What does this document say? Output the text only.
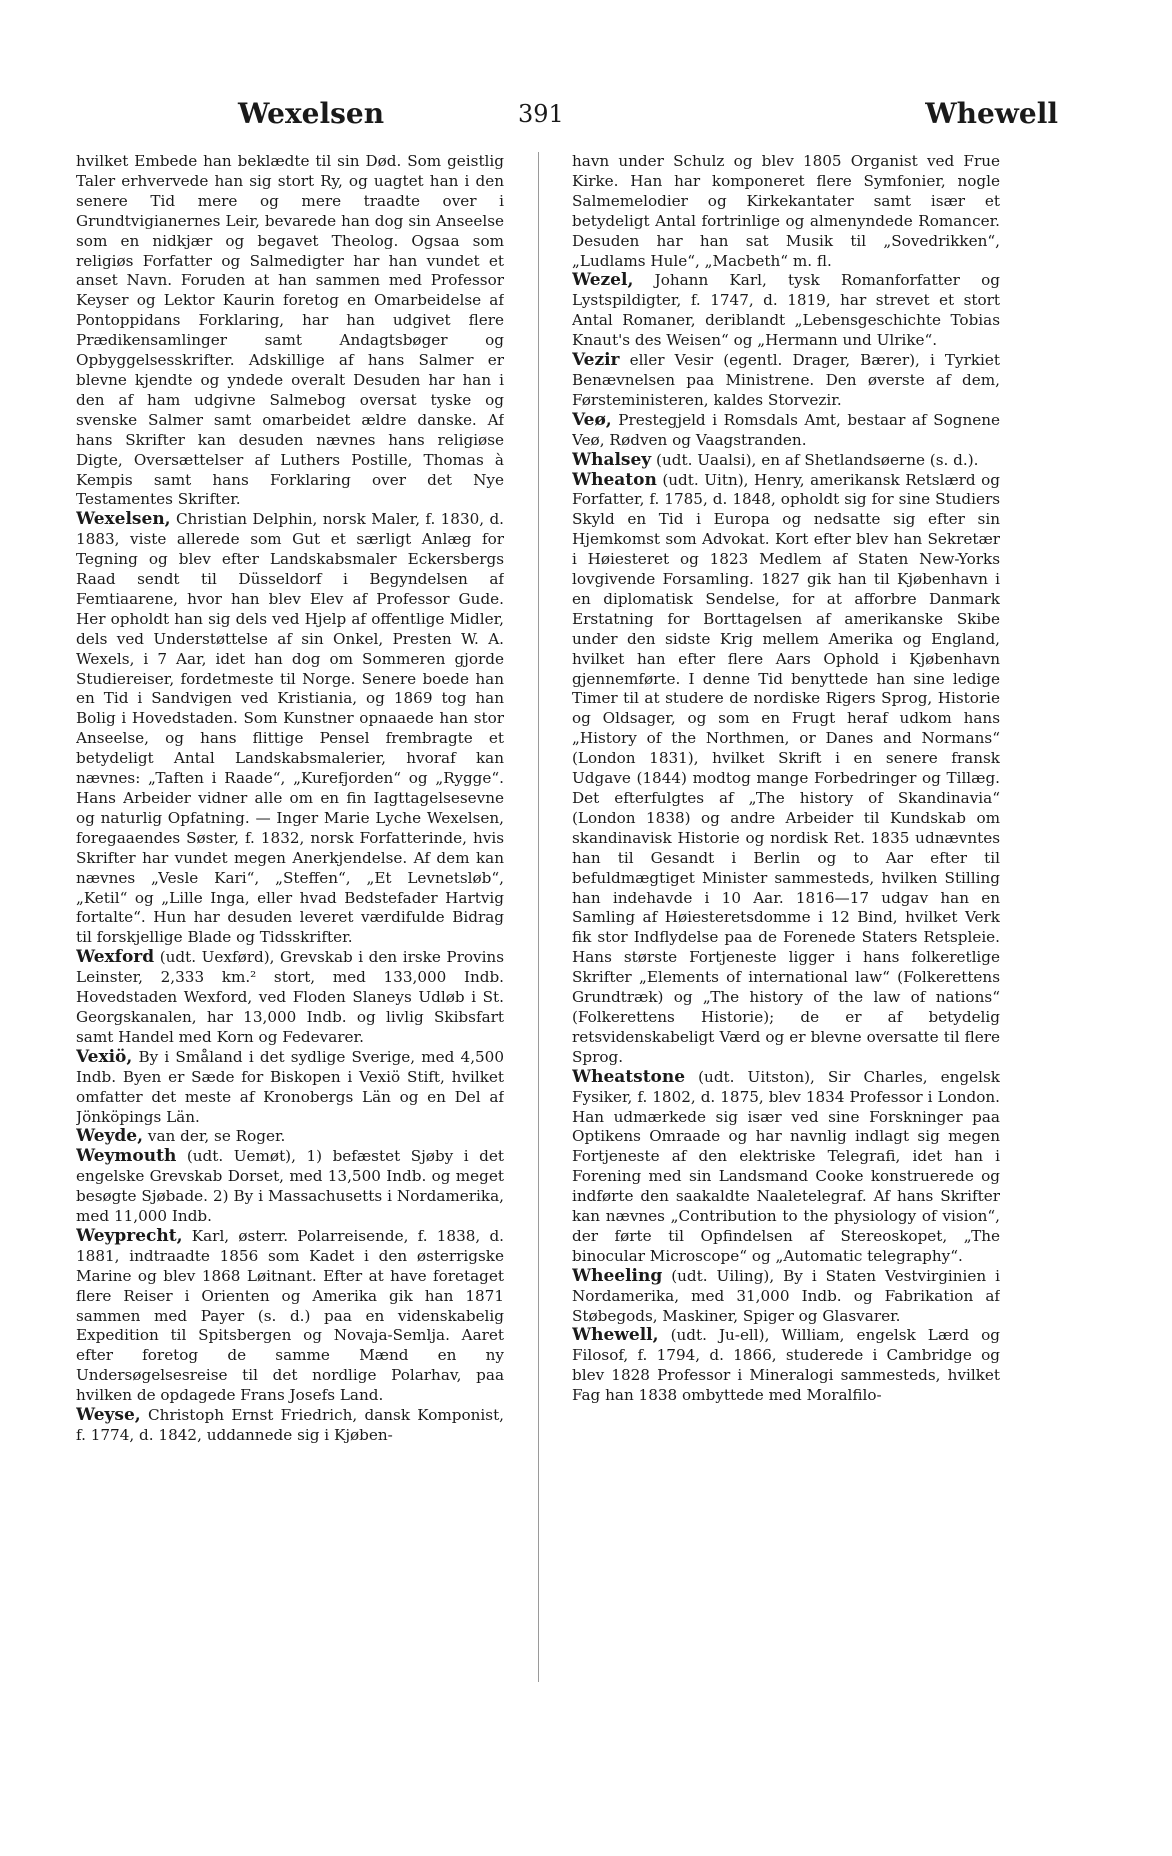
Wexelsen	391	Whewell

hvilket Embede han beklædte til sin Død. Som geistlig Taler erhvervede han sig stort Ry, og uagtet han i den senere Tid mere og mere traadte over i Grundtvigianernes Leir, bevarede han dog sin Anseelse som en nidkjær og begavet Theolog. Ogsaa som religiøs Forfatter og Salmedigter har han vundet et anset Navn. Foruden at han sammen med Professor Keyser og Lektor Kaurin foretog en Omarbeidelse af Pontoppidans Forklaring, har han udgivet flere Prædikensamlinger samt Andagtsbøger og Opbyggelsesskrifter. Adskillige af hans Salmer er blevne kjendte og yndede overalt Desuden har han i den af ham udgivne Salmebog oversat tyske og svenske Salmer samt omarbeidet ældre danske. Af hans Skrifter kan desuden nævnes hans religiøse Digte, Oversættelser af Luthers Postille, Thomas à Kempis samt hans Forklaring over det Nye Testamentes Skrifter.

Wexelsen, Christian Delphin, norsk Maler, f. 1830, d. 1883, viste allerede som Gut et særligt Anlæg for Tegning og blev efter Landskabsmaler Eckersbergs Raad sendt til Düsseldorf i Begyndelsen af Femtiaarene, hvor han blev Elev af Professor Gude. Her opholdt han sig dels ved Hjelp af offentlige Midler, dels ved Understøttelse af sin Onkel, Presten W. A. Wexels, i 7 Aar, idet han dog om Sommeren gjorde Studiereiser, fordetmeste til Norge. Senere boede han en Tid i Sandvigen ved Kristiania, og 1869 tog han Bolig i Hovedstaden. Som Kunstner opnaaede han stor Anseelse, og hans flittige Pensel frembragte et betydeligt Antal Landskabsmalerier, hvoraf kan nævnes: „Taften i Raade“, „Kurefjorden“ og „Rygge“. Hans Arbeider vidner alle om en fin Iagttagelsesevne og naturlig Opfatning. — Inger Marie Lyche Wexelsen, foregaaendes Søster, f. 1832, norsk Forfatterinde, hvis Skrifter har vundet megen Anerkjendelse. Af dem kan nævnes „Vesle Kari“, „Steffen“, „Et Levnetsløb“, „Ketil“ og „Lille Inga, eller hvad Bedstefader Hartvig fortalte“. Hun har desuden leveret værdifulde Bidrag til forskjellige Blade og Tidsskrifter.

Wexford (udt. Uexførd), Grevskab i den irske Provins Leinster, 2,333 km.² stort, med 133,000 Indb. Hovedstaden Wexford, ved Floden Slaneys Udløb i St. Georgskanalen, har 13,000 Indb. og livlig Skibsfart samt Handel med Korn og Fedevarer.

Vexiö, By i Småland i det sydlige Sverige, med 4,500 Indb. Byen er Sæde for Biskopen i Vexiö Stift, hvilket omfatter det meste af Kronobergs Län og en Del af Jönköpings Län.

Weyde, van der, se Roger.

Weymouth (udt. Uemøt), 1) befæstet Sjøby i det engelske Grevskab Dorset, med 13,500 Indb. og meget besøgte Sjøbade. 2) By i Massachusetts i Nordamerika, med 11,000 Indb.

Weyprecht, Karl, østerr. Polarreisende, f. 1838, d. 1881, indtraadte 1856 som Kadet i den østerrigske Marine og blev 1868 Løitnant. Efter at have foretaget flere Reiser i Orienten og Amerika gik han 1871 sammen med Payer (s. d.) paa en videnskabelig Expedition til Spitsbergen og Novaja-Semlja. Aaret efter foretog de samme Mænd en ny Undersøgelsesreise til det nordlige Polarhav, paa hvilken de opdagede Frans Josefs Land.

Weyse, Christoph Ernst Friedrich, dansk Komponist, f. 1774, d. 1842, uddannede sig i Kjøben-

havn under Schulz og blev 1805 Organist ved Frue Kirke. Han har komponeret flere Symfonier, nogle Salmemelodier og Kirkekantater samt især et betydeligt Antal fortrinlige og almenyndede Romancer. Desuden har han sat Musik til „Sovedrikken“, „Ludlams Hule“, „Macbeth“ m. fl.

Wezel, Johann Karl, tysk Romanforfatter og Lystspildigter, f. 1747, d. 1819, har strevet et stort Antal Romaner, deriblandt „Lebensgeschichte Tobias Knaut's des Weisen“ og „Hermann und Ulrike“.

Vezir eller Vesir (egentl. Drager, Bærer), i Tyrkiet Benævnelsen paa Ministrene. Den øverste af dem, Førsteministeren, kaldes Storvezir.

Veø, Prestegjeld i Romsdals Amt, bestaar af Sognene Veø, Rødven og Vaagstranden.

Whalsey (udt. Uaalsi), en af Shetlandsøerne (s. d.).

Wheaton (udt. Uitn), Henry, amerikansk Retslærd og Forfatter, f. 1785, d. 1848, opholdt sig for sine Studiers Skyld en Tid i Europa og nedsatte sig efter sin Hjemkomst som Advokat. Kort efter blev han Sekretær i Høiesteret og 1823 Medlem af Staten New-Yorks lovgivende Forsamling. 1827 gik han til Kjøbenhavn i en diplomatisk Sendelse, for at afforbre Danmark Erstatning for Borttagelsen af amerikanske Skibe under den sidste Krig mellem Amerika og England, hvilket han efter flere Aars Ophold i Kjøbenhavn gjennemførte. I denne Tid benyttede han sine ledige Timer til at studere de nordiske Rigers Sprog, Historie og Oldsager, og som en Frugt heraf udkom hans „History of the Northmen, or Danes and Normans“ (London 1831), hvilket Skrift i en senere fransk Udgave (1844) modtog mange Forbedringer og Tillæg. Det efterfulgtes af „The history of Skandinavia“ (London 1838) og andre Arbeider til Kundskab om skandinavisk Historie og nordisk Ret. 1835 udnævntes han til Gesandt i Berlin og to Aar efter til befuldmægtiget Minister sammesteds, hvilken Stilling han indehavde i 10 Aar. 1816—17 udgav han en Samling af Høiesteretsdomme i 12 Bind, hvilket Verk fik stor Indflydelse paa de Forenede Staters Retspleie. Hans største Fortjeneste ligger i hans folkeretlige Skrifter „Elements of international law“ (Folkerettens Grundtræk) og „The history of the law of nations“ (Folkerettens Historie); de er af betydelig retsvidenskabeligt Værd og er blevne oversatte til flere Sprog.

Wheatstone (udt. Uitston), Sir Charles, engelsk Fysiker, f. 1802, d. 1875, blev 1834 Professor i London. Han udmærkede sig især ved sine Forskninger paa Optikens Omraade og har navnlig indlagt sig megen Fortjeneste af den elektriske Telegrafi, idet han i Forening med sin Landsmand Cooke konstruerede og indførte den saakaldte Naaletelegraf. Af hans Skrifter kan nævnes „Contribution to the physiology of vision“, der førte til Opfindelsen af Stereoskopet, „The binocular Microscope“ og „Automatic telegraphy“.

Wheeling (udt. Uiling), By i Staten Vestvirginien i Nordamerika, med 31,000 Indb. og Fabrikation af Støbegods, Maskiner, Spiger og Glasvarer.

Whewell, (udt. Ju-ell), William, engelsk Lærd og Filosof, f. 1794, d. 1866, studerede i Cambridge og blev 1828 Professor i Mineralogi sammesteds, hvilket Fag han 1838 ombyttede med Moralfilo-
